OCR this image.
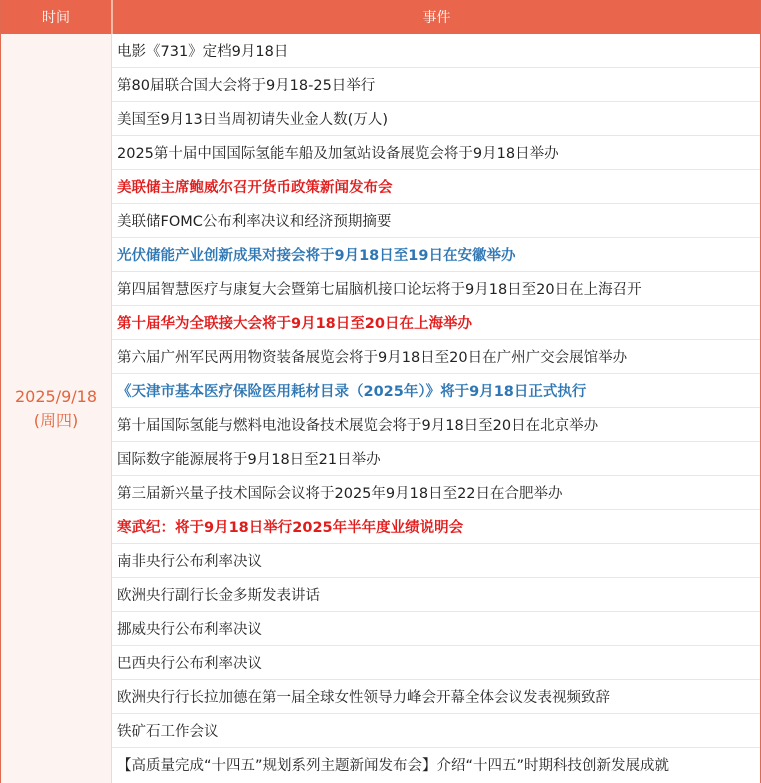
时间	事件
2025/9/18
(周四)
电影《731》定档9月18日
第80届联合国大会将于9月18-25日举行
美国至9月13日当周初请失业金人数(万人)
2025第十届中国国际氢能车船及加氢站设备展览会将于9月18日举办
美联储主席鲍威尔召开货币政策新闻发布会
美联储FOMC公布利率决议和经济预期摘要
光伏储能产业创新成果对接会将于9月18日至19日在安徽举办
第四届智慧医疗与康复大会暨第七届脑机接口论坛将于9月18日至20日在上海召开
第十届华为全联接大会将于9月18日至20日在上海举办
第六届广州军民两用物资装备展览会将于9月18日至20日在广州广交会展馆举办
《天津市基本医疗保险医用耗材目录（2025年）》将于9月18日正式执行
第十届国际氢能与燃料电池设备技术展览会将于9月18日至20日在北京举办
国际数字能源展将于9月18日至21日举办
第三届新兴量子技术国际会议将于2025年9月18日至22日在合肥举办
寒武纪：将于9月18日举行2025年半年度业绩说明会
南非央行公布利率决议
欧洲央行副行长金多斯发表讲话
挪威央行公布利率决议
巴西央行公布利率决议
欧洲央行行长拉加德在第一届全球女性领导力峰会开幕全体会议发表视频致辞
铁矿石工作会议
【高质量完成“十四五”规划系列主题新闻发布会】介绍“十四五”时期科技创新发展成就
